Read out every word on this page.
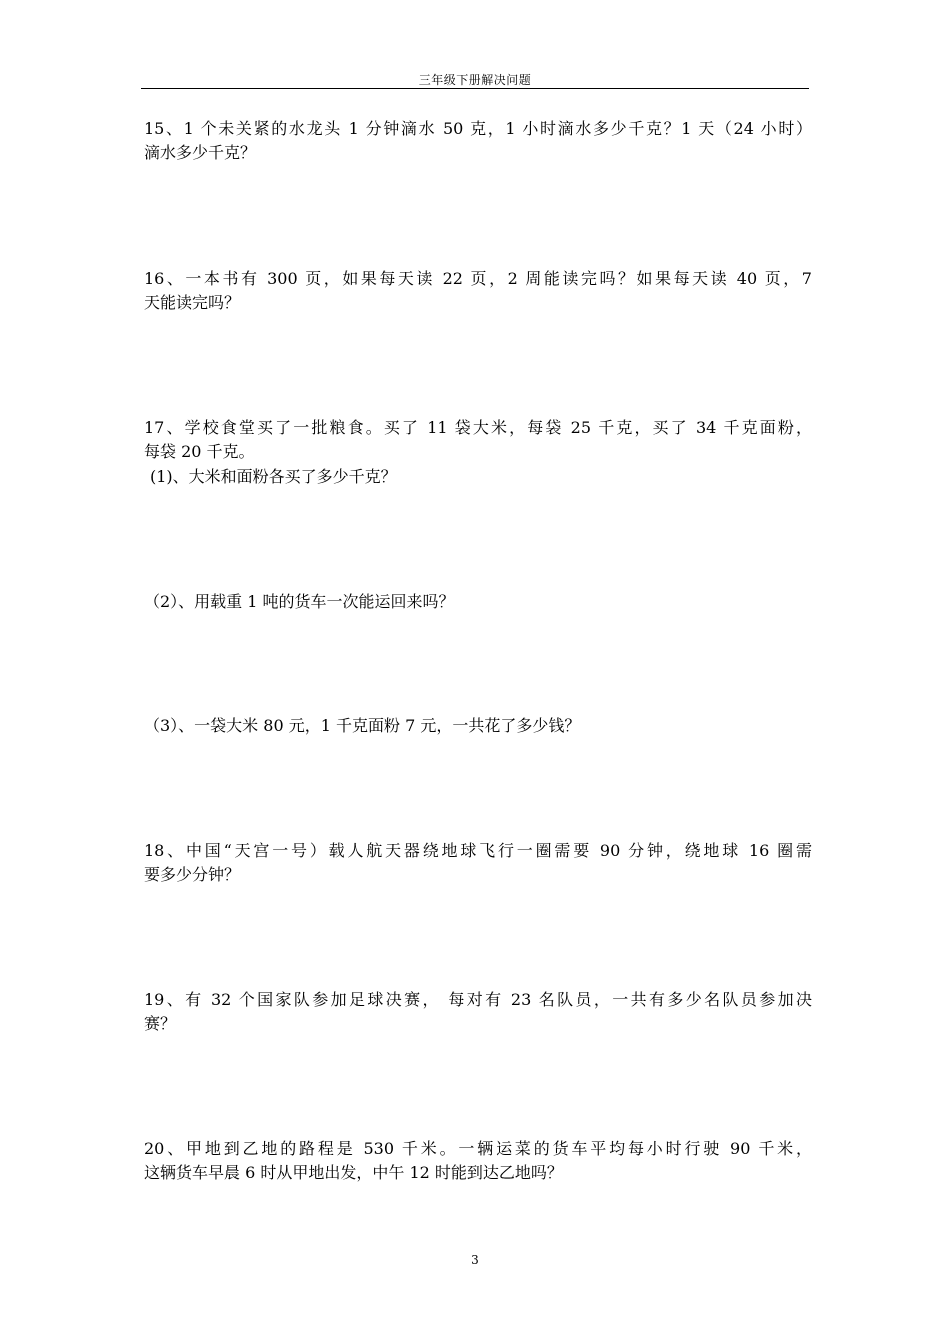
三年级下册解决问题
15、1 个未关紧的水龙头 1 分钟滴水 50 克，1 小时滴水多少千克？1 天（24 小时）
滴水多少千克？
16、一本书有 300 页，如果每天读 22 页，2 周能读完吗？如果每天读 40 页，7
天能读完吗？
17、学校食堂买了一批粮食。买了 11 袋大米，每袋 25 千克，买了 34 千克面粉，
每袋 20 千克。
(1)、大米和面粉各买了多少千克？
（2）、用载重 1 吨的货车一次能运回来吗？
（3）、一袋大米 80 元，1 千克面粉 7 元，一共花了多少钱？
18、中国“天宫一号）载人航天器绕地球飞行一圈需要 90 分钟，绕地球 16 圈需
要多少分钟？
19、有 32 个国家队参加足球决赛， 每对有 23 名队员，一共有多少名队员参加决
赛？
20、甲地到乙地的路程是 530 千米。一辆运菜的货车平均每小时行驶 90 千米，
这辆货车早晨 6 时从甲地出发，中午 12 时能到达乙地吗？
3
